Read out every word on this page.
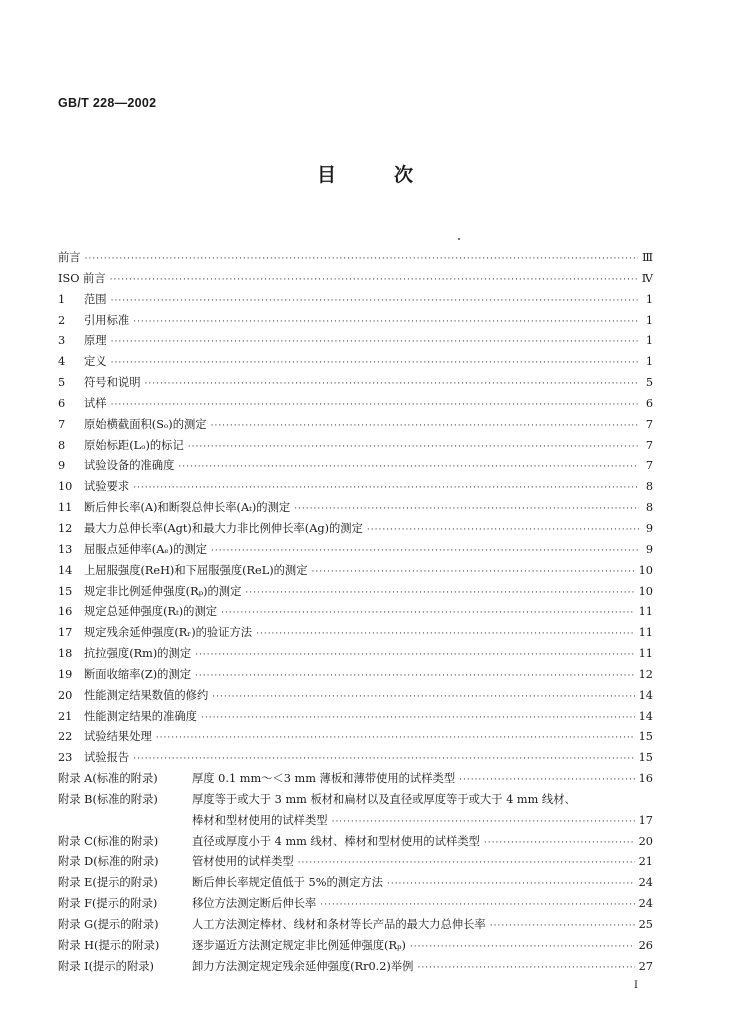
GB/T 228—2002
目	次
前言 ·····	Ⅲ
ISO 前言 ·····	Ⅳ
1 范围 ·····	1
2 引用标准 ·····	1
3 原理 ·····	1
4 定义 ·····	1
5 符号和说明 ·····	5
6 试样 ·····	6
7 原始横截面积(Sₒ)的测定 ·····	7
8 原始标距(Lₒ)的标记 ·····	7
9 试验设备的准确度 ·····	7
10 试验要求 ·····	8
11 断后伸长率(A)和断裂总伸长率(Aₜ)的测定 ·····	8
12 最大力总伸长率(Agt)和最大力非比例伸长率(Ag)的测定 ·····	9
13 屈服点延伸率(Aₑ)的测定 ·····	9
14 上屈服强度(ReH)和下屈服强度(ReL)的测定 ·····	10
15 规定非比例延伸强度(Rₚ)的测定 ·····	10
16 规定总延伸强度(Rₜ)的测定 ·····	11
17 规定残余延伸强度(Rᵣ)的验证方法 ·····	11
18 抗拉强度(Rm)的测定 ·····	11
19 断面收缩率(Z)的测定 ·····	12
20 性能测定结果数值的修约 ·····	14
21 性能测定结果的准确度 ·····	14
22 试验结果处理 ·····	15
23 试验报告 ·····	15
附录 A(标准的附录)	厚度 0.1 mm～＜3 mm 薄板和薄带使用的试样类型 ·····	16
附录 B(标准的附录)	厚度等于或大于 3 mm 板材和扁材以及直径或厚度等于或大于 4 mm 线材、
棒材和型材使用的试样类型 ·····	17
附录 C(标准的附录)	直径或厚度小于 4 mm 线材、棒材和型材使用的试样类型 ·····	20
附录 D(标准的附录)	管材使用的试样类型 ·····	21
附录 E(提示的附录)	断后伸长率规定值低于 5%的测定方法 ·····	24
附录 F(提示的附录)	移位方法测定断后伸长率 ·····	24
附录 G(提示的附录)	人工方法测定棒材、线材和条材等长产品的最大力总伸长率 ·····	25
附录 H(提示的附录)	逐步逼近方法测定规定非比例延伸强度(Rₚ) ·····	26
附录 I(提示的附录)	卸力方法测定规定残余延伸强度(Rr0.2)举例 ·····	27
I
